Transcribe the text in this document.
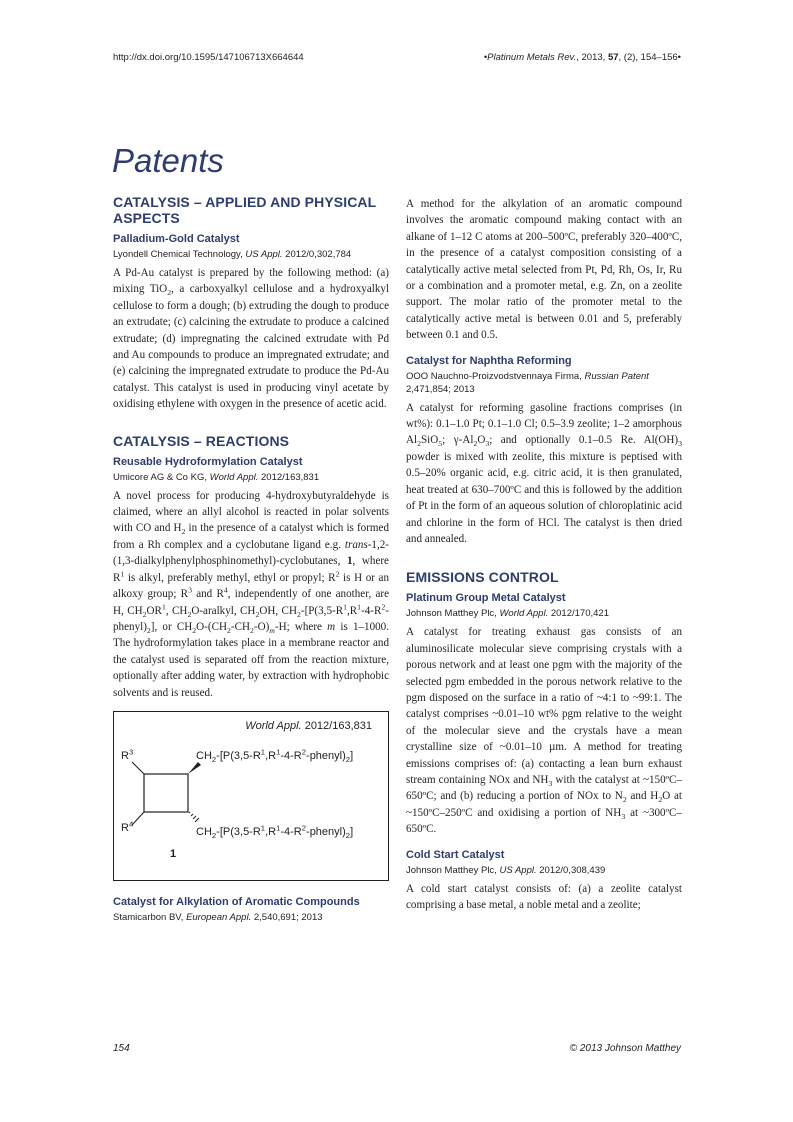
http://dx.doi.org/10.1595/147106713X664644	•Platinum Metals Rev., 2013, 57, (2), 154–156•
Patents
CATALYSIS – APPLIED AND PHYSICAL ASPECTS
Palladium-Gold Catalyst
Lyondell Chemical Technology, US Appl. 2012/0,302,784

A Pd-Au catalyst is prepared by the following method: (a) mixing TiO$_2$, a carboxyalkyl cellulose and a hydroxyalkyl cellulose to form a dough; (b) extruding the dough to produce an extrudate; (c) calcining the extrudate to produce a calcined extrudate; (d) impregnating the calcined extrudate with Pd and Au compounds to produce an impregnated extrudate; and (e) calcining the impregnated extrudate to produce the Pd-Au catalyst. This catalyst is used in producing vinyl acetate by oxidising ethylene with oxygen in the presence of acetic acid.

CATALYSIS – REACTIONS
Reusable Hydroformylation Catalyst
Umicore AG & Co KG, World Appl. 2012/163,831

A novel process for producing 4-hydroxybutyraldehyde is claimed, where an allyl alcohol is reacted in polar solvents with CO and $H_2$ in the presence of a catalyst which is formed from a Rh complex and a cyclobutane ligand e.g. trans-1,2-(1,3-dialkylphenylphosphinomethyl)-cyclobutanes, 1, where $R^1$ is alkyl, preferably methyl, ethyl or propyl; $R^2$ is H or an alkoxy group; $R^3$ and $R^4$, independently of one another, are H, $CH_2OR^1$, $CH_2O$-aralkyl, $CH_2OH$, $CH_2-[P(3,5-R^1,R^1-4-R^2-phenyl)_2]$, or $CH_2O-(CH_2-CH_2-O)_m-H$; where m is 1–1000. The hydroformylation takes place in a membrane reactor and the catalyst used is separated off from the reaction mixture, optionally after adding water, by extraction with hydrophobic solvents and is reused.

World Appl. 2012/163,831
$R^3$
$R^4$
$CH_2-[P(3,5-R^1,R^1-4-R^2-phenyl)_2]$
$CH_2-[P(3,5-R^1,R^1-4-R^2-phenyl)_2]$
1
Catalyst for Alkylation of Aromatic Compounds
Stamicarbon BV, European Appl. 2,540,691; 2013

A method for the alkylation of an aromatic compound involves the aromatic compound making contact with an alkane of 1–12 C atoms at 200–500ºC, preferably 320–400ºC, in the presence of a catalyst composition consisting of a catalytically active metal selected from Pt, Pd, Rh, Os, Ir, Ru or a combination and a promoter metal, e.g. Zn, on a zeolite support. The molar ratio of the promoter metal to the catalytically active metal is between 0.01 and 5, preferably between 0.1 and 0.5.

Catalyst for Naphtha Reforming
OOO Nauchno-Proizvodstvennaya Firma, Russian Patent 2,471,854; 2013

A catalyst for reforming gasoline fractions comprises (in wt%): 0.1–1.0 Pt; 0.1–1.0 Cl; 0.5–3.9 zeolite; 1–2 amorphous $Al_2SiO_5$; $\gamma-Al_2O_3$; and optionally 0.1–0.5 Re. $Al(OH)_3$ powder is mixed with zeolite, this mixture is peptised with 0.5–20% organic acid, e.g. citric acid, it is then granulated, heat treated at 630–700ºC and this is followed by the addition of Pt in the form of an aqueous solution of chloroplatinic acid and chlorine in the form of HCl. The catalyst is then dried and annealed.

EMISSIONS CONTROL
Platinum Group Metal Catalyst
Johnson Matthey Plc, World Appl. 2012/170,421

A catalyst for treating exhaust gas consists of an aluminosilicate molecular sieve comprising crystals with a porous network and at least one pgm with the majority of the selected pgm embedded in the porous network relative to the pgm disposed on the surface in a ratio of ~4:1 to ~99:1. The catalyst comprises ~0.01–10 wt% pgm relative to the weight of the molecular sieve and the crystals have a mean crystalline size of ~0.01–10 µm. A method for treating emissions comprises of: (a) contacting a lean burn exhaust stream containing NOx and $NH_3$ with the catalyst at ~150ºC–650ºC; and (b) reducing a portion of NOx to $N_2$ and $H_2O$ at ~150ºC–250ºC and oxidising a portion of $NH_3$ at ~300ºC–650ºC.

Cold Start Catalyst
Johnson Matthey Plc, US Appl. 2012/0,308,439

A cold start catalyst consists of: (a) a zeolite catalyst comprising a base metal, a noble metal and a zeolite;

154	© 2013 Johnson Matthey
